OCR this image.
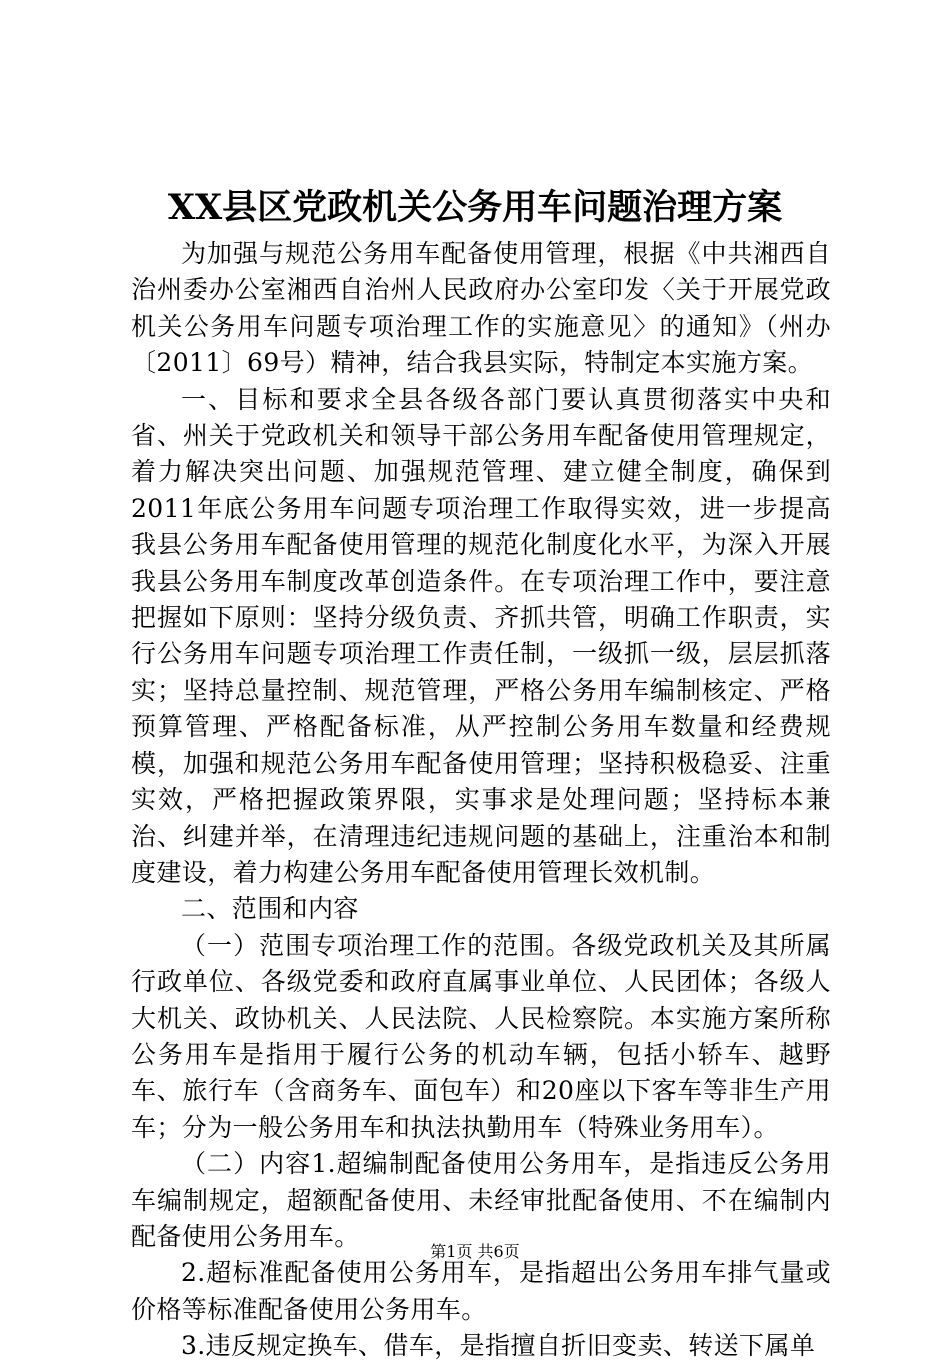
XX县区党政机关公务用车问题治理方案

为加强与规范公务用车配备使用管理，根据《中共湘西自治州委办公室湘西自治州人民政府办公室印发〈关于开展党政机关公务用车问题专项治理工作的实施意见〉的通知》（州办〔2011〕69号）精神，结合我县实际，特制定本实施方案。

一、目标和要求全县各级各部门要认真贯彻落实中央和省、州关于党政机关和领导干部公务用车配备使用管理规定，着力解决突出问题、加强规范管理、建立健全制度，确保到2011年底公务用车问题专项治理工作取得实效，进一步提高我县公务用车配备使用管理的规范化制度化水平，为深入开展我县公务用车制度改革创造条件。在专项治理工作中，要注意把握如下原则：坚持分级负责、齐抓共管，明确工作职责，实行公务用车问题专项治理工作责任制，一级抓一级，层层抓落实；坚持总量控制、规范管理，严格公务用车编制核定、严格预算管理、严格配备标准，从严控制公务用车数量和经费规模，加强和规范公务用车配备使用管理；坚持积极稳妥、注重实效，严格把握政策界限，实事求是处理问题；坚持标本兼治、纠建并举，在清理违纪违规问题的基础上，注重治本和制度建设，着力构建公务用车配备使用管理长效机制。

二、范围和内容

（一）范围专项治理工作的范围。各级党政机关及其所属行政单位、各级党委和政府直属事业单位、人民团体；各级人大机关、政协机关、人民法院、人民检察院。本实施方案所称公务用车是指用于履行公务的机动车辆，包括小轿车、越野车、旅行车（含商务车、面包车）和20座以下客车等非生产用车；分为一般公务用车和执法执勤用车（特殊业务用车）。

（二）内容1.超编制配备使用公务用车，是指违反公务用车编制规定，超额配备使用、未经审批配备使用、不在编制内配备使用公务用车。

2.超标准配备使用公务用车，是指超出公务用车排气量或价格等标准配备使用公务用车。

3.违反规定换车、借车，是指擅自折旧变卖、转送下属单

第1页 共6页
